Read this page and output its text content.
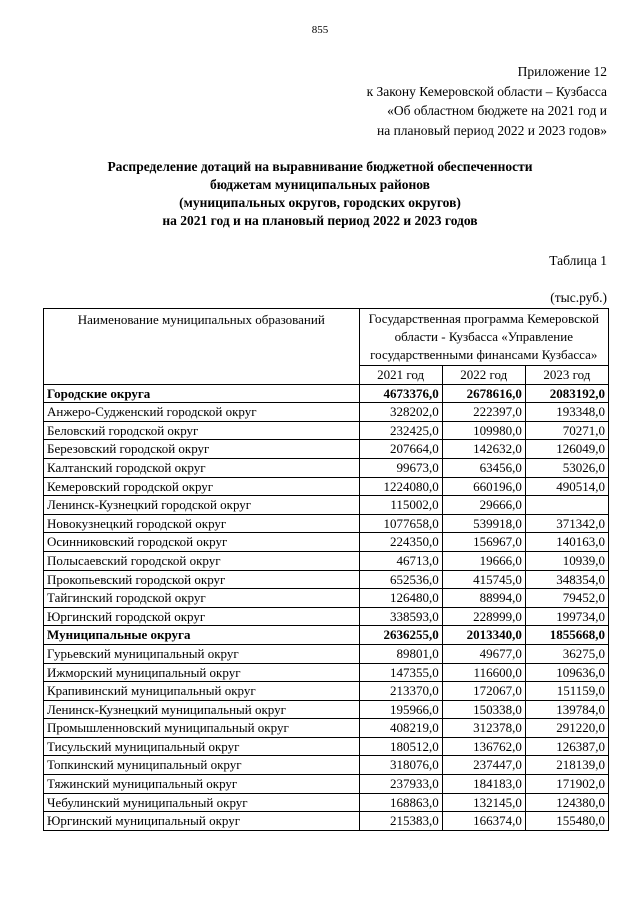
855
Приложение 12
к Закону Кемеровской области – Кузбасса
«Об областном бюджете на 2021 год и
на плановый период 2022 и 2023 годов»
Распределение дотаций на выравнивание бюджетной обеспеченности
бюджетам муниципальных районов
(муниципальных округов, городских округов)
на 2021 год и на плановый период 2022 и 2023 годов
Таблица 1
(тыс.руб.)
Наименование муниципальных образований	Государственная программа Кемеровской области - Кузбасса «Управление государственными финансами Кузбасса»		
	2021 год	2022 год	2023 год
Городские округа	4673376,0	2678616,0	2083192,0
Анжеро-Судженский городской округ	328202,0	222397,0	193348,0
Беловский городской округ	232425,0	109980,0	70271,0
Березовский городской округ	207664,0	142632,0	126049,0
Калтанский городской округ	99673,0	63456,0	53026,0
Кемеровский городской округ	1224080,0	660196,0	490514,0
Ленинск-Кузнецкий городской округ	115002,0	29666,0	
Новокузнецкий городской округ	1077658,0	539918,0	371342,0
Осинниковский городской округ	224350,0	156967,0	140163,0
Полысаевский городской округ	46713,0	19666,0	10939,0
Прокопьевский городской округ	652536,0	415745,0	348354,0
Тайгинский городской округ	126480,0	88994,0	79452,0
Юргинский городской округ	338593,0	228999,0	199734,0
Муниципальные округа	2636255,0	2013340,0	1855668,0
Гурьевский муниципальный округ	89801,0	49677,0	36275,0
Ижморский муниципальный округ	147355,0	116600,0	109636,0
Крапивинский муниципальный округ	213370,0	172067,0	151159,0
Ленинск-Кузнецкий муниципальный округ	195966,0	150338,0	139784,0
Промышленновский муниципальный округ	408219,0	312378,0	291220,0
Тисульский муниципальный округ	180512,0	136762,0	126387,0
Топкинский муниципальный округ	318076,0	237447,0	218139,0
Тяжинский муниципальный округ	237933,0	184183,0	171902,0
Чебулинский муниципальный округ	168863,0	132145,0	124380,0
Юргинский муниципальный округ	215383,0	166374,0	155480,0
